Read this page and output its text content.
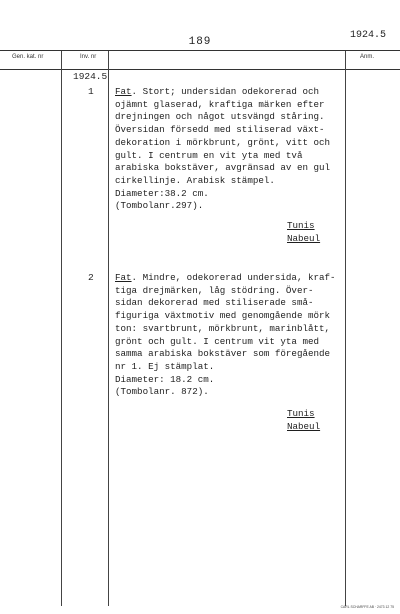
189
1924.5
Gen. kat. nr	Inv. nr	Anm.
1924.5
1 Fat. Stort; undersidan odekorerad och
ojämnt glaserad, kraftiga märken efter
drejningen och något utsvängd ståring.
Översidan försedd med stiliserad växt-
dekoration i mörkbrunt, grönt, vitt och
gult. I centrum en vit yta med två
arabiska bokstäver, avgränsad av en gul
cirkellinje. Arabisk stämpel.
Diameter:38.2 cm.
(Tombolanr.297).
Tunis
Nabeul
2 Fat. Mindre, odekorerad undersida, kraf-
tiga drejmärken, låg stödring. Över-
sidan dekorerad med stiliserade små-
figuriga växtmotiv med genomgående mörk
ton: svartbrunt, mörkbrunt, marinblått,
grönt och gult. I centrum vit yta med
samma arabiska bokstäver som föregående
nr 1. Ej stämplat.
Diameter: 18.2 cm.
(Tombolanr. 872).
Tunis
Nabeul
CARL SCHARFFE AB · 2473 12 75
